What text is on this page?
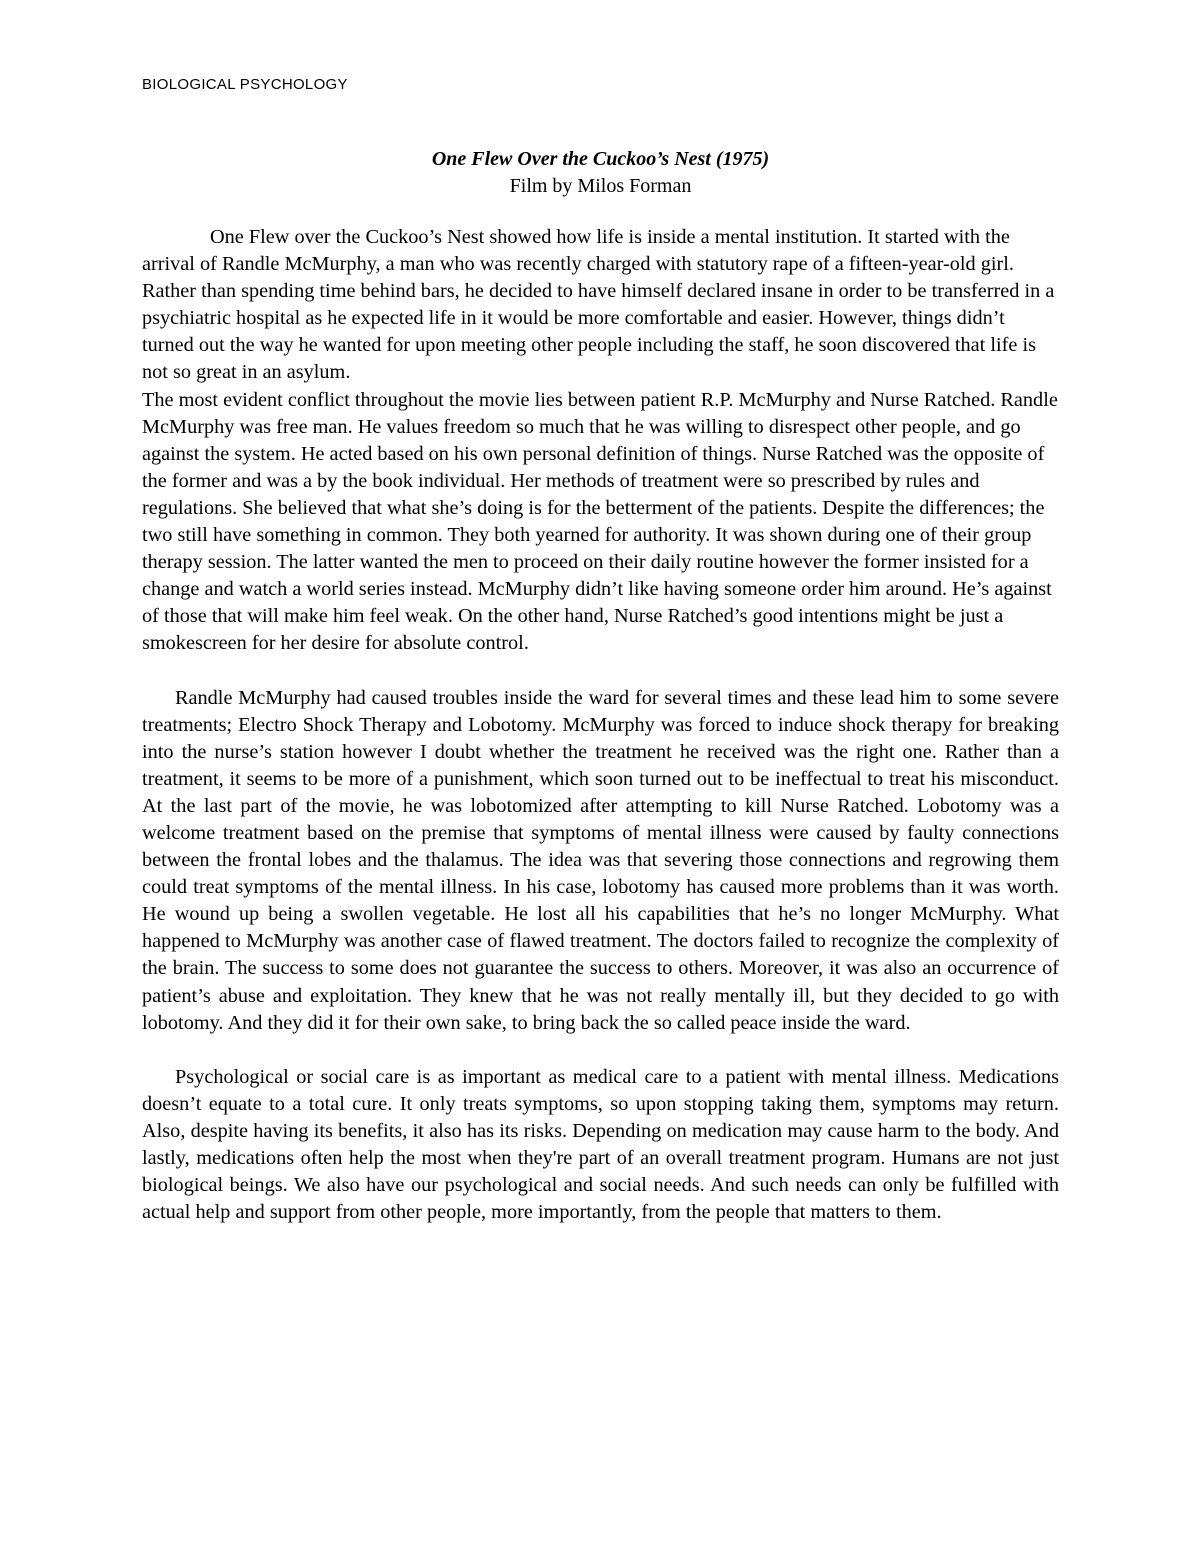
BIOLOGICAL PSYCHOLOGY
One Flew Over the Cuckoo’s Nest (1975)
Film by Milos Forman

One Flew over the Cuckoo’s Nest showed how life is inside a mental institution. It started with the arrival of Randle McMurphy, a man who was recently charged with statutory rape of a fifteen-year-old girl. Rather than spending time behind bars, he decided to have himself declared insane in order to be transferred in a psychiatric hospital as he expected life in it would be more comfortable and easier. However, things didn’t turned out the way he wanted for upon meeting other people including the staff, he soon discovered that life is not so great in an asylum.

The most evident conflict throughout the movie lies between patient R.P. McMurphy and Nurse Ratched. Randle McMurphy was free man. He values freedom so much that he was willing to disrespect other people, and go against the system. He acted based on his own personal definition of things. Nurse Ratched was the opposite of the former and was a by the book individual. Her methods of treatment were so prescribed by rules and regulations. She believed that what she’s doing is for the betterment of the patients. Despite the differences; the two still have something in common. They both yearned for authority. It was shown during one of their group therapy session. The latter wanted the men to proceed on their daily routine however the former insisted for a change and watch a world series instead. McMurphy didn’t like having someone order him around. He’s against of those that will make him feel weak. On the other hand, Nurse Ratched’s good intentions might be just a smokescreen for her desire for absolute control.

Randle McMurphy had caused troubles inside the ward for several times and these lead him to some severe treatments; Electro Shock Therapy and Lobotomy. McMurphy was forced to induce shock therapy for breaking into the nurse’s station however I doubt whether the treatment he received was the right one. Rather than a treatment, it seems to be more of a punishment, which soon turned out to be ineffectual to treat his misconduct. At the last part of the movie, he was lobotomized after attempting to kill Nurse Ratched. Lobotomy was a welcome treatment based on the premise that symptoms of mental illness were caused by faulty connections between the frontal lobes and the thalamus. The idea was that severing those connections and regrowing them could treat symptoms of the mental illness. In his case, lobotomy has caused more problems than it was worth. He wound up being a swollen vegetable. He lost all his capabilities that he’s no longer McMurphy. What happened to McMurphy was another case of flawed treatment. The doctors failed to recognize the complexity of the brain. The success to some does not guarantee the success to others. Moreover, it was also an occurrence of patient’s abuse and exploitation. They knew that he was not really mentally ill, but they decided to go with lobotomy. And they did it for their own sake, to bring back the so called peace inside the ward.

Psychological or social care is as important as medical care to a patient with mental illness. Medications doesn’t equate to a total cure. It only treats symptoms, so upon stopping taking them, symptoms may return. Also, despite having its benefits, it also has its risks. Depending on medication may cause harm to the body. And lastly, medications often help the most when they're part of an overall treatment program. Humans are not just biological beings. We also have our psychological and social needs. And such needs can only be fulfilled with actual help and support from other people, more importantly, from the people that matters to them.
